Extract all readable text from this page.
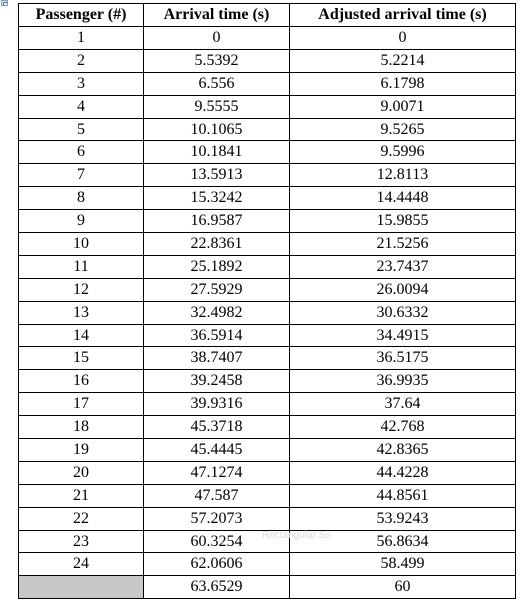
Passenger (#)	Arrival time (s)	Adjusted arrival time (s)
1	0	0
2	5.5392	5.2214
3	6.556	6.1798
4	9.5555	9.0071
5	10.1065	9.5265
6	10.1841	9.5996
7	13.5913	12.8113
8	15.3242	14.4448
9	16.9587	15.9855
10	22.8361	21.5256
11	25.1892	23.7437
12	27.5929	26.0094
13	32.4982	30.6332
14	36.5914	34.4915
15	38.7407	36.5175
16	39.2458	36.9935
17	39.9316	37.64
18	45.3718	42.768
19	45.4445	42.8365
20	47.1274	44.4228
21	47.587	44.8561
22	57.2073	53.9243
23	60.3254	56.8634
24	62.0606	58.499
	63.6529	60
Rectangular Sn
